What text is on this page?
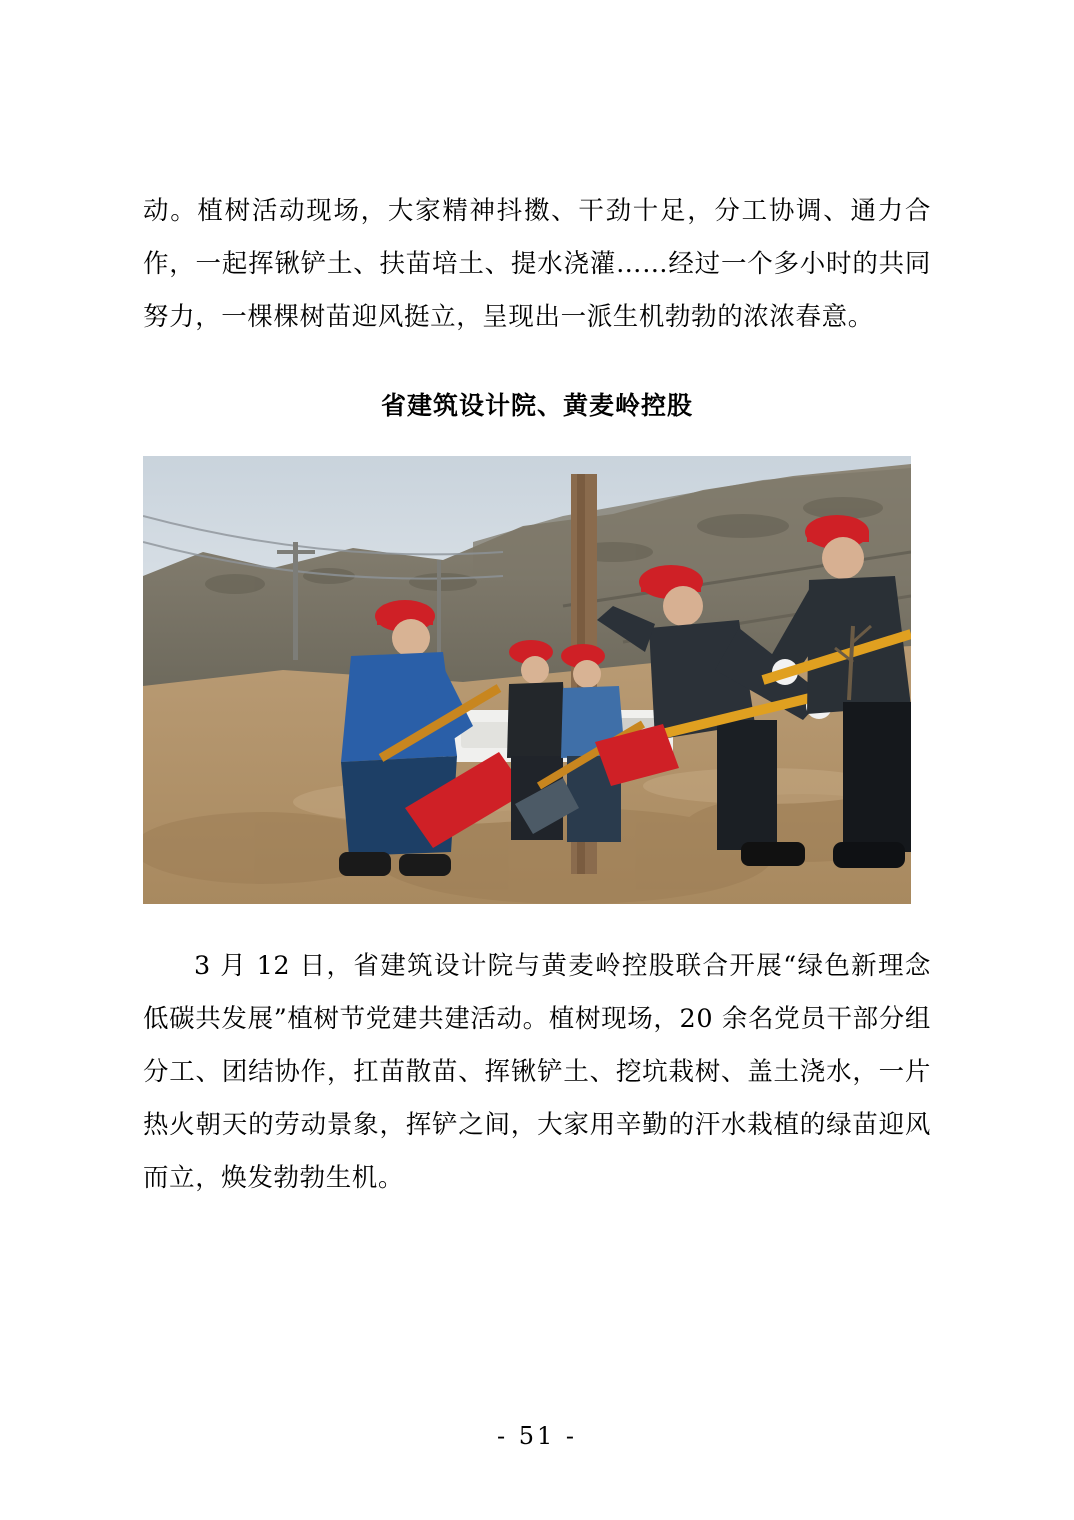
动。植树活动现场，大家精神抖擞、干劲十足，分工协调、通力合作，一起挥锹铲土、扶苗培土、提水浇灌……经过一个多小时的共同努力，一棵棵树苗迎风挺立，呈现出一派生机勃勃的浓浓春意。

省建筑设计院、黄麦岭控股

3 月 12 日，省建筑设计院与黄麦岭控股联合开展“绿色新理念 低碳共发展”植树节党建共建活动。植树现场，20 余名党员干部分组分工、团结协作，扛苗散苗、挥锹铲土、挖坑栽树、盖土浇水，一片热火朝天的劳动景象，挥铲之间，大家用辛勤的汗水栽植的绿苗迎风而立，焕发勃勃生机。

- 51 -
